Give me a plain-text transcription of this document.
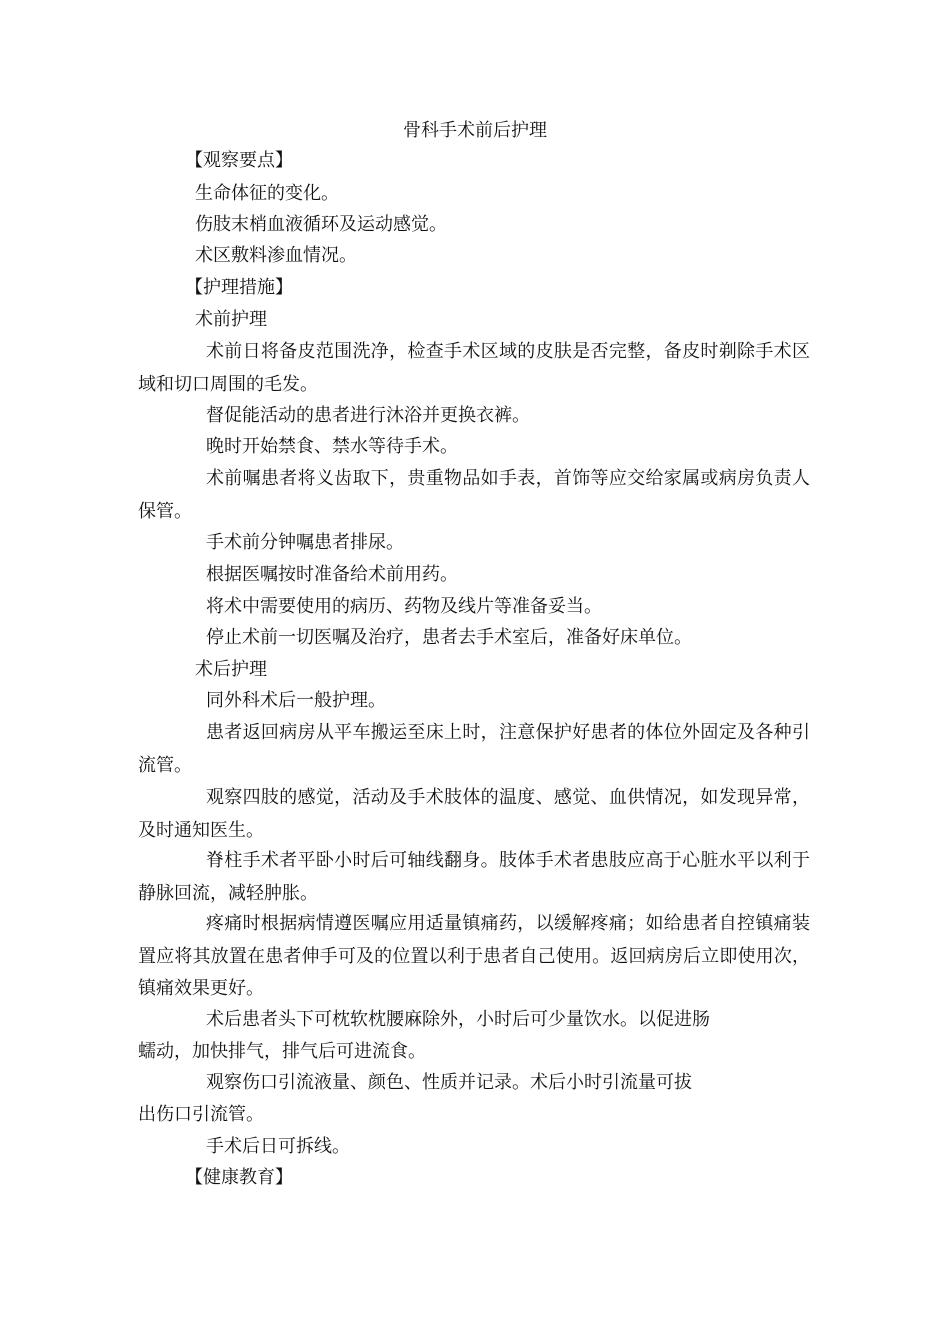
骨科手术前后护理
【观察要点】
生命体征的变化。
伤肢末梢血液循环及运动感觉。
术区敷料渗血情况。
【护理措施】
术前护理
术前日将备皮范围洗净，检查手术区域的皮肤是否完整，备皮时剃除手术区域和切口周围的毛发。
督促能活动的患者进行沐浴并更换衣裤。
晚时开始禁食、禁水等待手术。
术前嘱患者将义齿取下，贵重物品如手表，首饰等应交给家属或病房负责人保管。
手术前分钟嘱患者排尿。
根据医嘱按时准备给术前用药。
将术中需要使用的病历、药物及线片等准备妥当。
停止术前一切医嘱及治疗，患者去手术室后，准备好床单位。
术后护理
同外科术后一般护理。
患者返回病房从平车搬运至床上时，注意保护好患者的体位外固定及各种引流管。
观察四肢的感觉，活动及手术肢体的温度、感觉、血供情况，如发现异常，及时通知医生。
脊柱手术者平卧小时后可轴线翻身。肢体手术者患肢应高于心脏水平以利于静脉回流，减轻肿胀。
疼痛时根据病情遵医嘱应用适量镇痛药，以缓解疼痛；如给患者自控镇痛装置应将其放置在患者伸手可及的位置以利于患者自己使用。返回病房后立即使用次，镇痛效果更好。
术后患者头下可枕软枕腰麻除外，小时后可少量饮水。以促进肠
蠕动，加快排气，排气后可进流食。
观察伤口引流液量、颜色、性质并记录。术后小时引流量可拔
出伤口引流管。
手术后日可拆线。
【健康教育】
